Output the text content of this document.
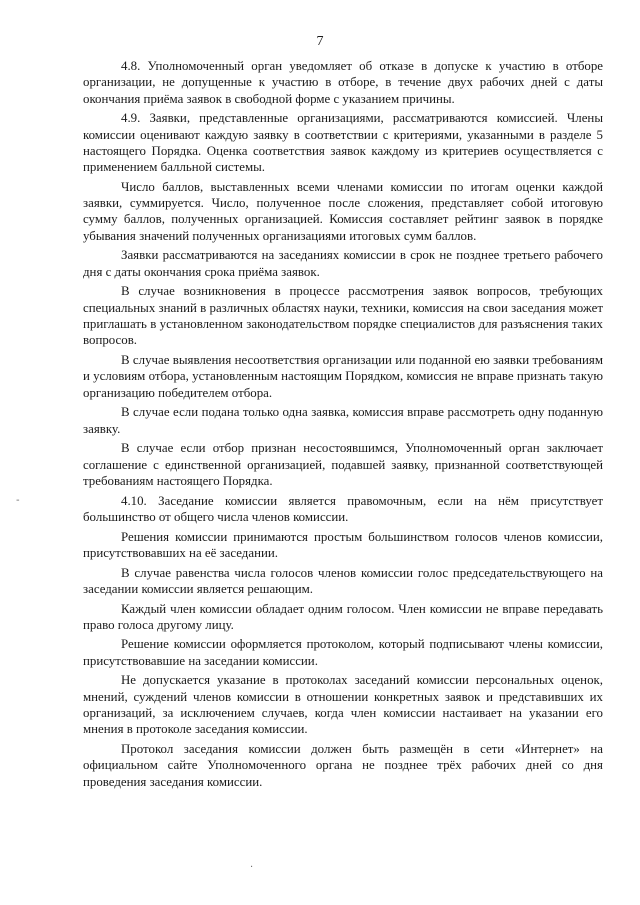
7

4.8. Уполномоченный орган уведомляет об отказе в допуске к участию в отборе организации, не допущенные к участию в отборе, в течение двух рабочих дней с даты окончания приёма заявок в свободной форме с указанием причины.

4.9. Заявки, представленные организациями, рассматриваются комиссией. Члены комиссии оценивают каждую заявку в соответствии с критериями, указанными в разделе 5 настоящего Порядка. Оценка соответствия заявок каждому из критериев осуществляется с применением балльной системы.

Число баллов, выставленных всеми членами комиссии по итогам оценки каждой заявки, суммируется. Число, полученное после сложения, представляет собой итоговую сумму баллов, полученных организацией. Комиссия составляет рейтинг заявок в порядке убывания значений полученных организациями итоговых сумм баллов.

Заявки рассматриваются на заседаниях комиссии в срок не позднее третьего рабочего дня с даты окончания срока приёма заявок.

В случае возникновения в процессе рассмотрения заявок вопросов, требующих специальных знаний в различных областях науки, техники, комиссия на свои заседания может приглашать в установленном законодательством порядке специалистов для разъяснения таких вопросов.

В случае выявления несоответствия организации или поданной ею заявки требованиям и условиям отбора, установленным настоящим Порядком, комиссия не вправе признать такую организацию победителем отбора.

В случае если подана только одна заявка, комиссия вправе рассмотреть одну поданную заявку.

В случае если отбор признан несостоявшимся, Уполномоченный орган заключает соглашение с единственной организацией, подавшей заявку, признанной соответствующей требованиям настоящего Порядка.

4.10. Заседание комиссии является правомочным, если на нём присутствует большинство от общего числа членов комиссии.

Решения комиссии принимаются простым большинством голосов членов комиссии, присутствовавших на её заседании.

В случае равенства числа голосов членов комиссии голос председательствующего на заседании комиссии является решающим.

Каждый член комиссии обладает одним голосом. Член комиссии не вправе передавать право голоса другому лицу.

Решение комиссии оформляется протоколом, который подписывают члены комиссии, присутствовавшие на заседании комиссии.

Не допускается указание в протоколах заседаний комиссии персональных оценок, мнений, суждений членов комиссии в отношении конкретных заявок и представивших их организаций, за исключением случаев, когда член комиссии настаивает на указании его мнения в протоколе заседания комиссии.

Протокол заседания комиссии должен быть размещён в сети «Интернет» на официальном сайте Уполномоченного органа не позднее трёх рабочих дней со дня проведения заседания комиссии.

-
.
